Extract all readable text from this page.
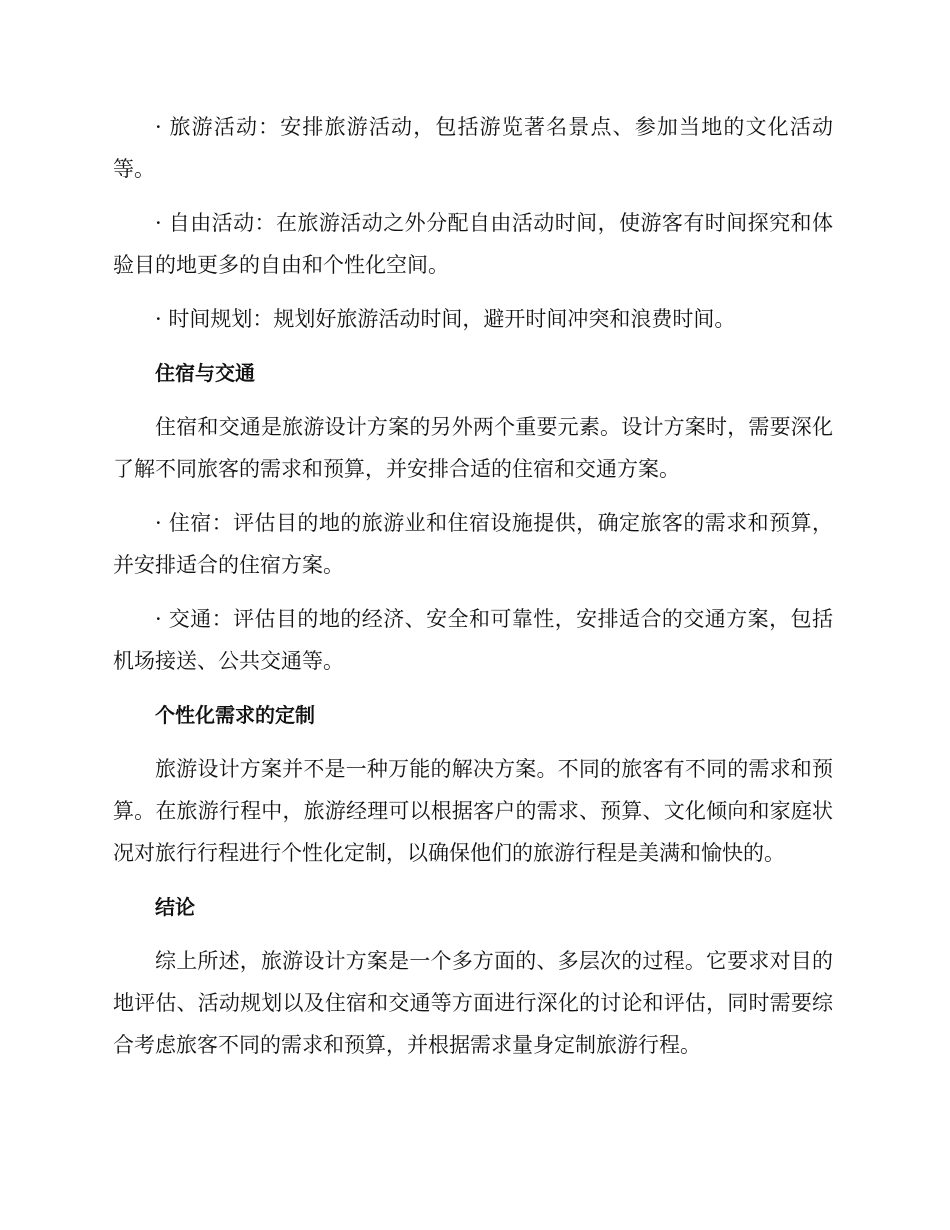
· 旅游活动：安排旅游活动，包括游览著名景点、参加当地的文化活动等。

· 自由活动：在旅游活动之外分配自由活动时间，使游客有时间探究和体验目的地更多的自由和个性化空间。

· 时间规划：规划好旅游活动时间，避开时间冲突和浪费时间。

住宿与交通

住宿和交通是旅游设计方案的另外两个重要元素。设计方案时，需要深化了解不同旅客的需求和预算，并安排合适的住宿和交通方案。

· 住宿：评估目的地的旅游业和住宿设施提供，确定旅客的需求和预算，并安排适合的住宿方案。

· 交通：评估目的地的经济、安全和可靠性，安排适合的交通方案，包括机场接送、公共交通等。

个性化需求的定制

旅游设计方案并不是一种万能的解决方案。不同的旅客有不同的需求和预算。在旅游行程中，旅游经理可以根据客户的需求、预算、文化倾向和家庭状况对旅行行程进行个性化定制，以确保他们的旅游行程是美满和愉快的。

结论

综上所述，旅游设计方案是一个多方面的、多层次的过程。它要求对目的地评估、活动规划以及住宿和交通等方面进行深化的讨论和评估，同时需要综合考虑旅客不同的需求和预算，并根据需求量身定制旅游行程。
